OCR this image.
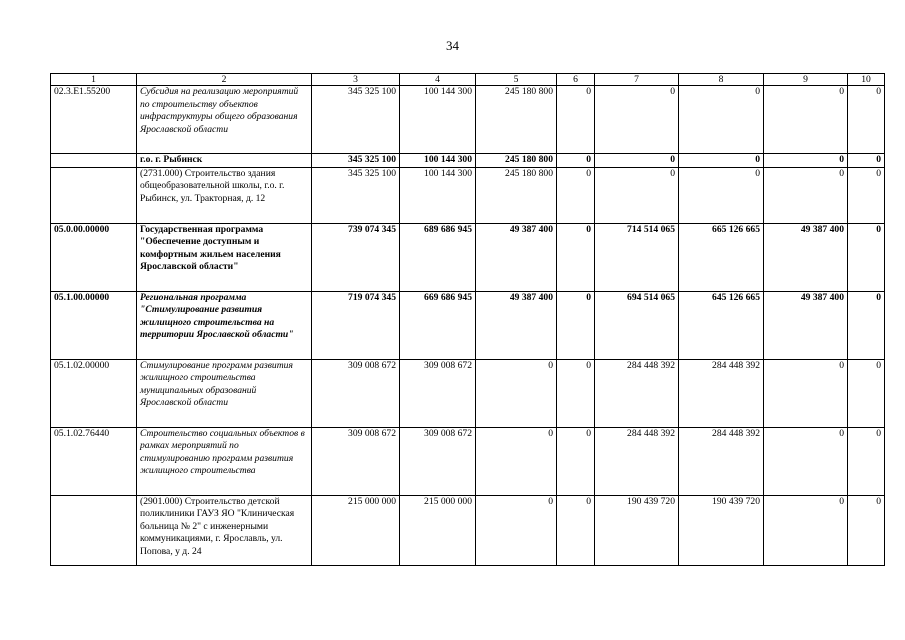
34
1	2	3	4	5	6	7	8	9	10
02.3.E1.55200	Субсидия на реализацию мероприятий по строительству объектов инфраструктуры общего образования Ярославской области	345 325 100	100 144 300	245 180 800	0	0	0	0	0
	г.о. г. Рыбинск	345 325 100	100 144 300	245 180 800	0	0	0	0	0
	(2731.000) Строительство здания общеобразовательной школы, г.о. г. Рыбинск, ул. Тракторная, д. 12	345 325 100	100 144 300	245 180 800	0	0	0	0	0
05.0.00.00000	Государственная программа "Обеспечение доступным и комфортным жильем населения Ярославской области"	739 074 345	689 686 945	49 387 400	0	714 514 065	665 126 665	49 387 400	0
05.1.00.00000	Региональная программа "Стимулирование развития жилищного строительства на территории Ярославской области"	719 074 345	669 686 945	49 387 400	0	694 514 065	645 126 665	49 387 400	0
05.1.02.00000	Стимулирование программ развития жилищного строительства муниципальных образований Ярославской области	309 008 672	309 008 672	0	0	284 448 392	284 448 392	0	0
05.1.02.76440	Строительство социальных объектов в рамках мероприятий по стимулированию программ развития жилищного строительства	309 008 672	309 008 672	0	0	284 448 392	284 448 392	0	0
	(2901.000) Строительство детской поликлиники ГАУЗ ЯО "Клиническая больница № 2" с инженерными коммуникациями, г. Ярославль, ул. Попова, у д. 24	215 000 000	215 000 000	0	0	190 439 720	190 439 720	0	0
